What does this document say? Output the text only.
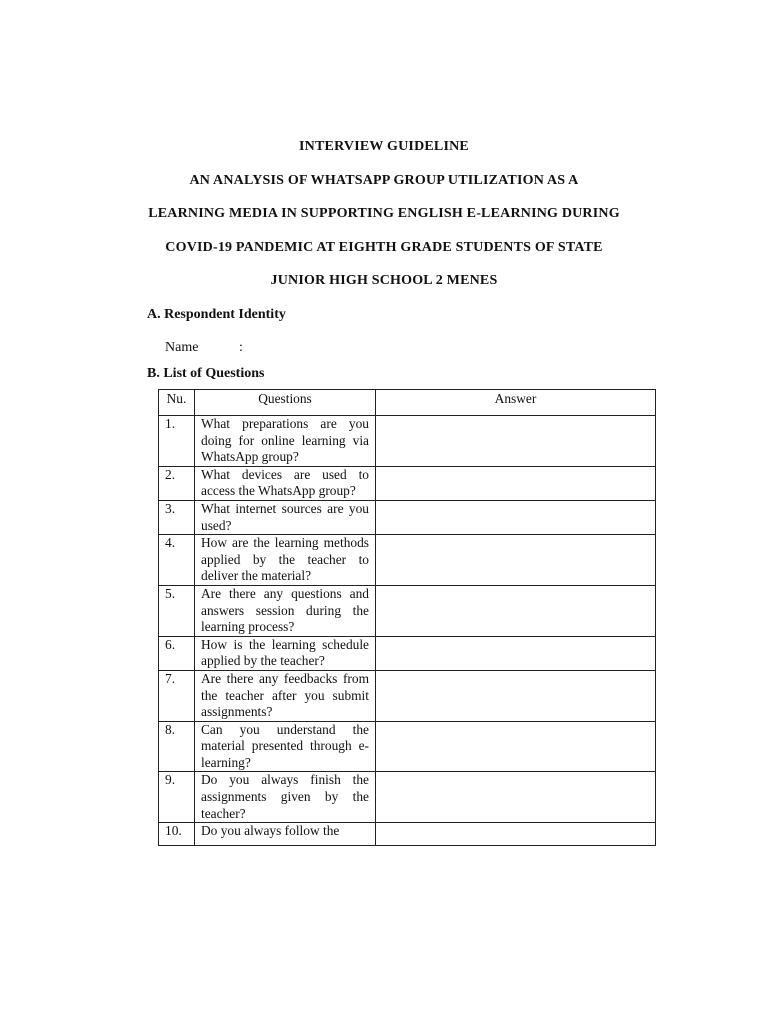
INTERVIEW GUIDELINE
AN ANALYSIS OF WHATSAPP GROUP UTILIZATION AS A
LEARNING MEDIA IN SUPPORTING ENGLISH E-LEARNING DURING
COVID-19 PANDEMIC AT EIGHTH GRADE STUDENTS OF STATE
JUNIOR HIGH SCHOOL 2 MENES
A. Respondent Identity
Name	:
B. List of Questions
Nu.	Questions	Answer
1.	What preparations are you doing for online learning via WhatsApp group?	
2.	What devices are used to access the WhatsApp group?	
3.	What internet sources are you used?	
4.	How are the learning methods applied by the teacher to deliver the material?	
5.	Are there any questions and answers session during the learning process?	
6.	How is the learning schedule applied by the teacher?	
7.	Are there any feedbacks from the teacher after you submit assignments?	
8.	Can you understand the material presented through e-learning?	
9.	Do you always finish the assignments given by the teacher?	
10.	Do you always follow the	
